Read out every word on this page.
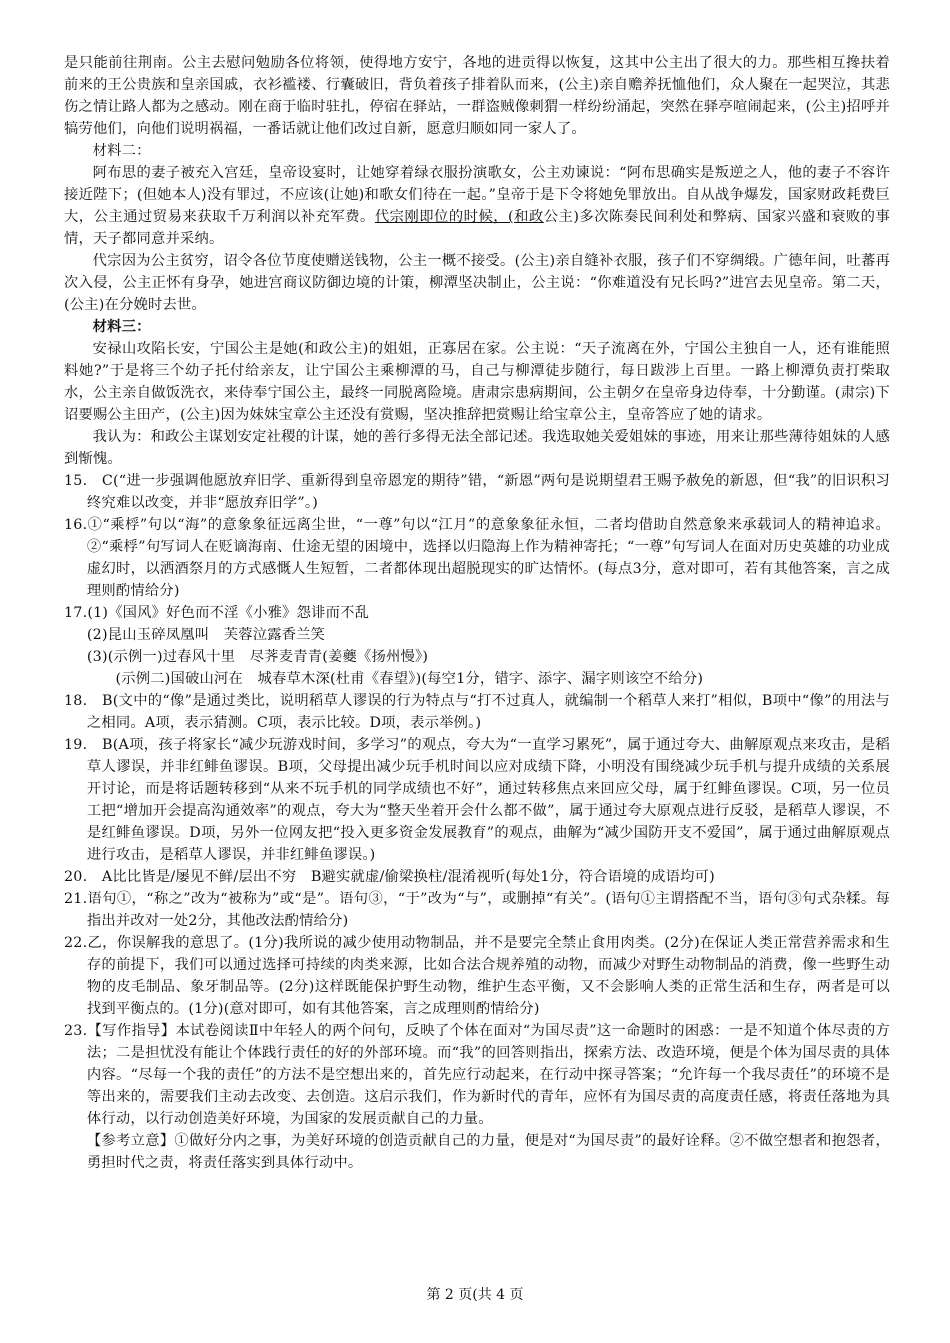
是只能前往荆南。公主去慰问勉励各位将领，使得地方安宁，各地的进贡得以恢复，这其中公主出了很大的力。那些相互搀扶着前来的王公贵族和皇亲国戚，衣衫褴褛、行囊破旧，背负着孩子排着队而来，(公主)亲自赡养抚恤他们，众人聚在一起哭泣，其悲伤之情让路人都为之感动。刚在商于临时驻扎，停宿在驿站，一群盗贼像刺猬一样纷纷涌起，突然在驿亭喧闹起来，(公主)招呼并犒劳他们，向他们说明祸福，一番话就让他们改过自新，愿意归顺如同一家人了。

材料二：

阿布思的妻子被充入宫廷，皇帝设宴时，让她穿着绿衣服扮演歌女，公主劝谏说：“阿布思确实是叛逆之人，他的妻子不容许接近陛下；(但她本人)没有罪过，不应该(让她)和歌女们待在一起。”皇帝于是下令将她免罪放出。自从战争爆发，国家财政耗费巨大，公主通过贸易来获取千万利润以补充军费。代宗刚即位的时候，(和政公主)多次陈奏民间利处和弊病、国家兴盛和衰败的事情，天子都同意并采纳。

代宗因为公主贫穷，诏令各位节度使赠送钱物，公主一概不接受。(公主)亲自缝补衣服，孩子们不穿绸缎。广德年间，吐蕃再次入侵，公主正怀有身孕，她进宫商议防御边境的计策，柳潭坚决制止，公主说：“你难道没有兄长吗?”进宫去见皇帝。第二天，(公主)在分娩时去世。

材料三：

安禄山攻陷长安，宁国公主是她(和政公主)的姐姐，正寡居在家。公主说：“天子流离在外，宁国公主独自一人，还有谁能照料她?”于是将三个幼子托付给亲友，让宁国公主乘柳潭的马，自己与柳潭徒步随行，每日跋涉上百里。一路上柳潭负责打柴取水，公主亲自做饭洗衣，来侍奉宁国公主，最终一同脱离险境。唐肃宗患病期间，公主朝夕在皇帝身边侍奉，十分勤谨。(肃宗)下诏要赐公主田产，(公主)因为妹妹宝章公主还没有赏赐，坚决推辞把赏赐让给宝章公主，皇帝答应了她的请求。

我认为：和政公主谋划安定社稷的计谋，她的善行多得无法全部记述。我选取她关爱姐妹的事迹，用来让那些薄待姐妹的人感到惭愧。

15.　C(“进一步强调他愿放弃旧学、重新得到皇帝恩宠的期待”错，“新恩”两句是说期望君王赐予赦免的新恩，但“我”的旧识积习终究难以改变，并非“愿放弃旧学”。)

16.①“乘桴”句以“海”的意象象征远离尘世，“一尊”句以“江月”的意象象征永恒，二者均借助自然意象来承载词人的精神追求。②“乘桴”句写词人在贬谪海南、仕途无望的困境中，选择以归隐海上作为精神寄托；“一尊”句写词人在面对历史英雄的功业成虚幻时，以洒酒祭月的方式感慨人生短暂，二者都体现出超脱现实的旷达情怀。(每点3分，意对即可，若有其他答案，言之成理则酌情给分)

17.(1)《国风》好色而不淫《小雅》怨诽而不乱

(2)昆山玉碎凤凰叫　芙蓉泣露香兰笑

(3)(示例一)过春风十里　尽荠麦青青(姜夔《扬州慢》)

(示例二)国破山河在　城春草木深(杜甫《春望》)(每空1分，错字、添字、漏字则该空不给分)

18.　B(文中的“像”是通过类比，说明稻草人谬误的行为特点与“打不过真人，就编制一个稻草人来打”相似，B项中“像”的用法与之相同。A项，表示猜测。C项，表示比较。D项，表示举例。)

19.　B(A项，孩子将家长“减少玩游戏时间，多学习”的观点，夸大为“一直学习累死”，属于通过夸大、曲解原观点来攻击，是稻草人谬误，并非红鲱鱼谬误。B项，父母提出减少玩手机时间以应对成绩下降，小明没有围绕减少玩手机与提升成绩的关系展开讨论，而是将话题转移到“从来不玩手机的同学成绩也不好”，通过转移焦点来回应父母，属于红鲱鱼谬误。C项，另一位员工把“增加开会提高沟通效率”的观点，夸大为“整天坐着开会什么都不做”，属于通过夸大原观点进行反驳，是稻草人谬误，不是红鲱鱼谬误。D项，另外一位网友把“投入更多资金发展教育”的观点，曲解为“减少国防开支不爱国”，属于通过曲解原观点进行攻击，是稻草人谬误，并非红鲱鱼谬误。)

20.　A比比皆是/屡见不鲜/层出不穷　B避实就虚/偷梁换柱/混淆视听(每处1分，符合语境的成语均可)

21.语句①，“称之”改为“被称为”或“是”。语句③，“于”改为“与”，或删掉“有关”。(语句①主谓搭配不当，语句③句式杂糅。每指出并改对一处2分，其他改法酌情给分)

22.乙，你误解我的意思了。(1分)我所说的减少使用动物制品，并不是要完全禁止食用肉类。(2分)在保证人类正常营养需求和生存的前提下，我们可以通过选择可持续的肉类来源，比如合法合规养殖的动物，而减少对野生动物制品的消费，像一些野生动物的皮毛制品、象牙制品等。(2分)这样既能保护野生动物，维护生态平衡，又不会影响人类的正常生活和生存，两者是可以找到平衡点的。(1分)(意对即可，如有其他答案，言之成理则酌情给分)

23.【写作指导】本试卷阅读Ⅱ中年轻人的两个问句，反映了个体在面对“为国尽责”这一命题时的困惑：一是不知道个体尽责的方法；二是担忧没有能让个体践行责任的好的外部环境。而“我”的回答则指出，探索方法、改造环境，便是个体为国尽责的具体内容。“尽每一个我的责任”的方法不是空想出来的，首先应行动起来，在行动中探寻答案；“允许每一个我尽责任”的环境不是等出来的，需要我们主动去改变、去创造。这启示我们，作为新时代的青年，应怀有为国尽责的高度责任感，将责任落地为具体行动，以行动创造美好环境，为国家的发展贡献自己的力量。

【参考立意】①做好分内之事，为美好环境的创造贡献自己的力量，便是对“为国尽责”的最好诠释。②不做空想者和抱怨者，勇担时代之责，将责任落实到具体行动中。

第 2 页(共 4 页
